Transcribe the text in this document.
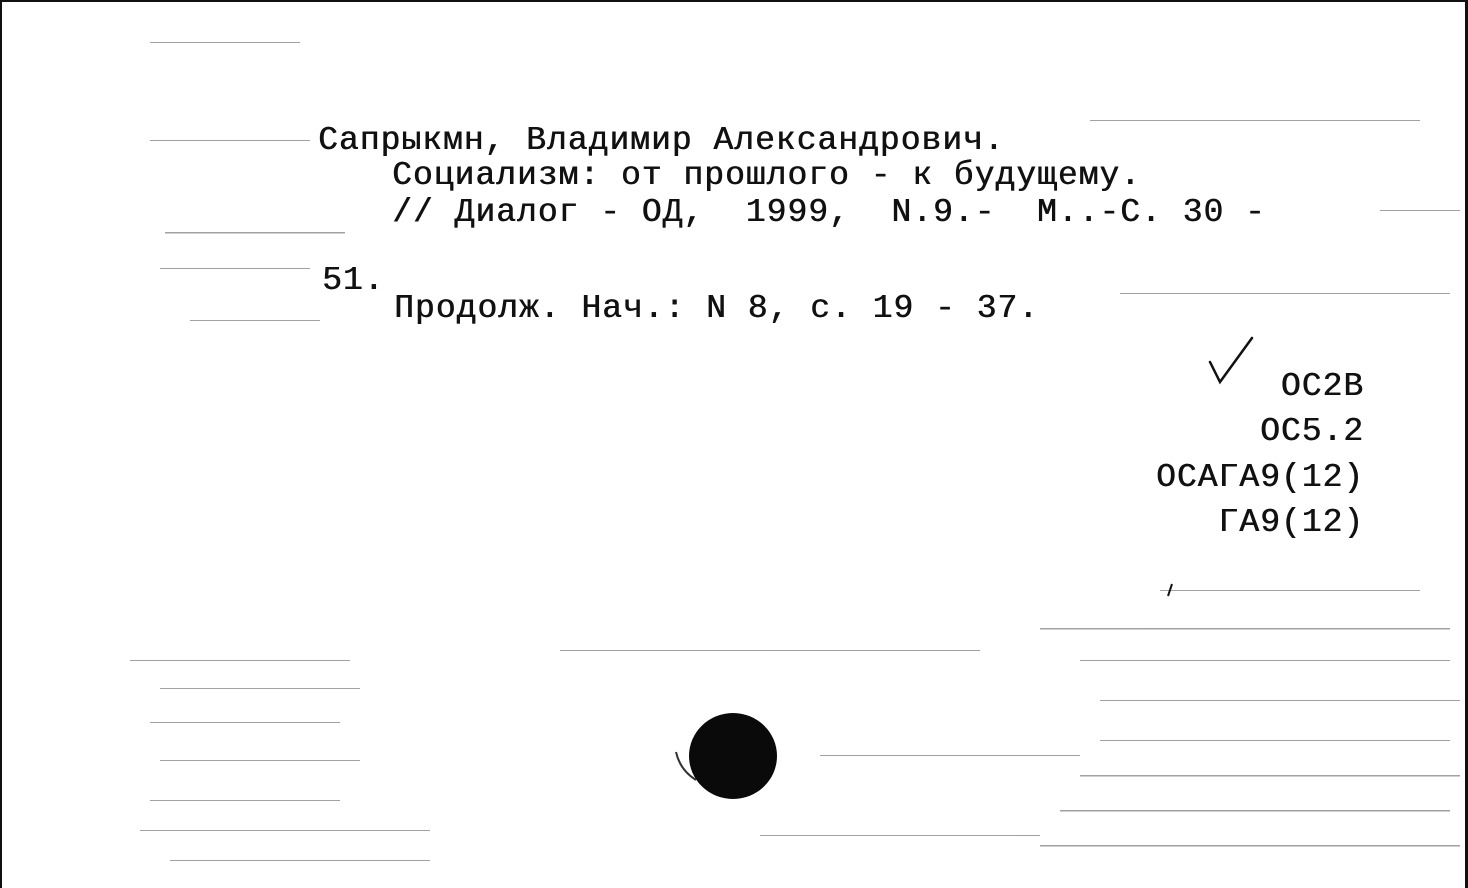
Сапрыкмн, Владимир Александрович.
Социализм: от прошлого - к будущему.
// Диалог - ОД,  1999,  N.9.-  М..-С. 30 -
51.
Продолж. Нач.: N 8, с. 19 - 37.
ОС2В
ОС5.2
ОСАГА9(12)
ГА9(12)
